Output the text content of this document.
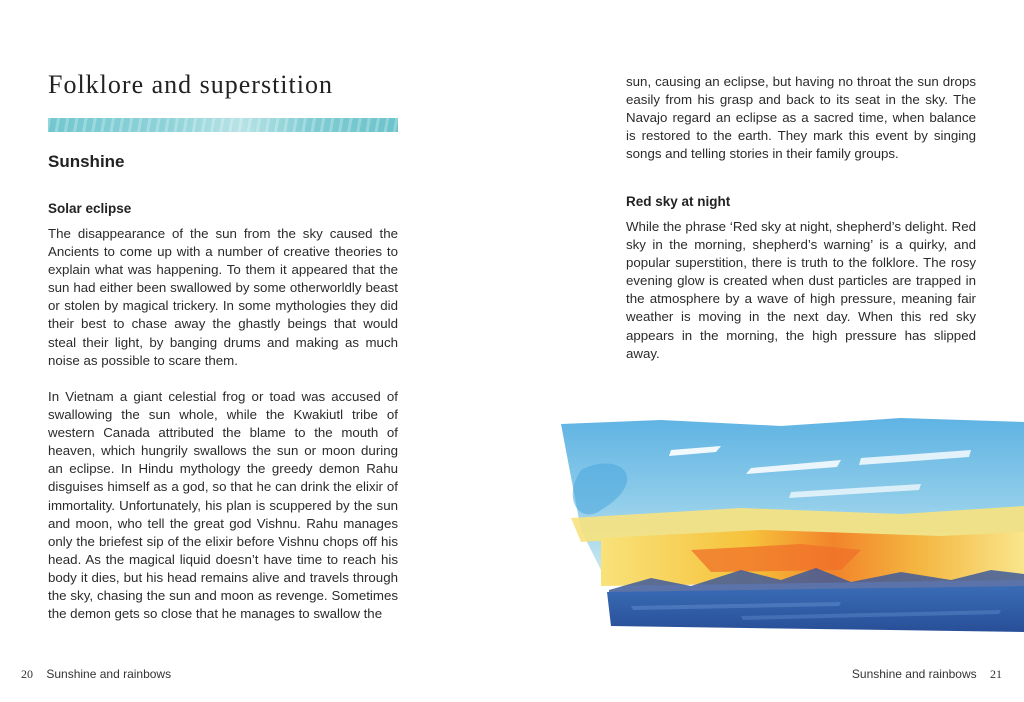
Folklore and superstition
Sunshine
Solar eclipse

The disappearance of the sun from the sky caused the Ancients to come up with a number of creative theories to explain what was happening. To them it appeared that the sun had either been swallowed by some otherworldly beast or stolen by magical trickery. In some mythologies they did their best to chase away the ghastly beings that would steal their light, by banging drums and making as much noise as possible to scare them.

In Vietnam a giant celestial frog or toad was accused of swallowing the sun whole, while the Kwakiutl tribe of western Canada attributed the blame to the mouth of heaven, which hungrily swallows the sun or moon during an eclipse. In Hindu mythology the greedy demon Rahu disguises himself as a god, so that he can drink the elixir of immortality. Unfortunately, his plan is scuppered by the sun and moon, who tell the great god Vishnu. Rahu manages only the briefest sip of the elixir before Vishnu chops off his head. As the magical liquid doesn’t have time to reach his body it dies, but his head remains alive and travels through the sky, chasing the sun and moon as revenge. Sometimes the demon gets so close that he manages to swallow the

20 Sunshine and rainbows

sun, causing an eclipse, but having no throat the sun drops easily from his grasp and back to its seat in the sky. The Navajo regard an eclipse as a sacred time, when balance is restored to the earth. They mark this event by singing songs and telling stories in their family groups.

Red sky at night

While the phrase ‘Red sky at night, shepherd’s delight. Red sky in the morning, shepherd’s warning’ is a quirky, and popular superstition, there is truth to the folklore. The rosy evening glow is created when dust particles are trapped in the atmosphere by a wave of high pressure, meaning fair weather is moving in the next day. When this red sky appears in the morning, the high pressure has slipped away.

Sunshine and rainbows 21
